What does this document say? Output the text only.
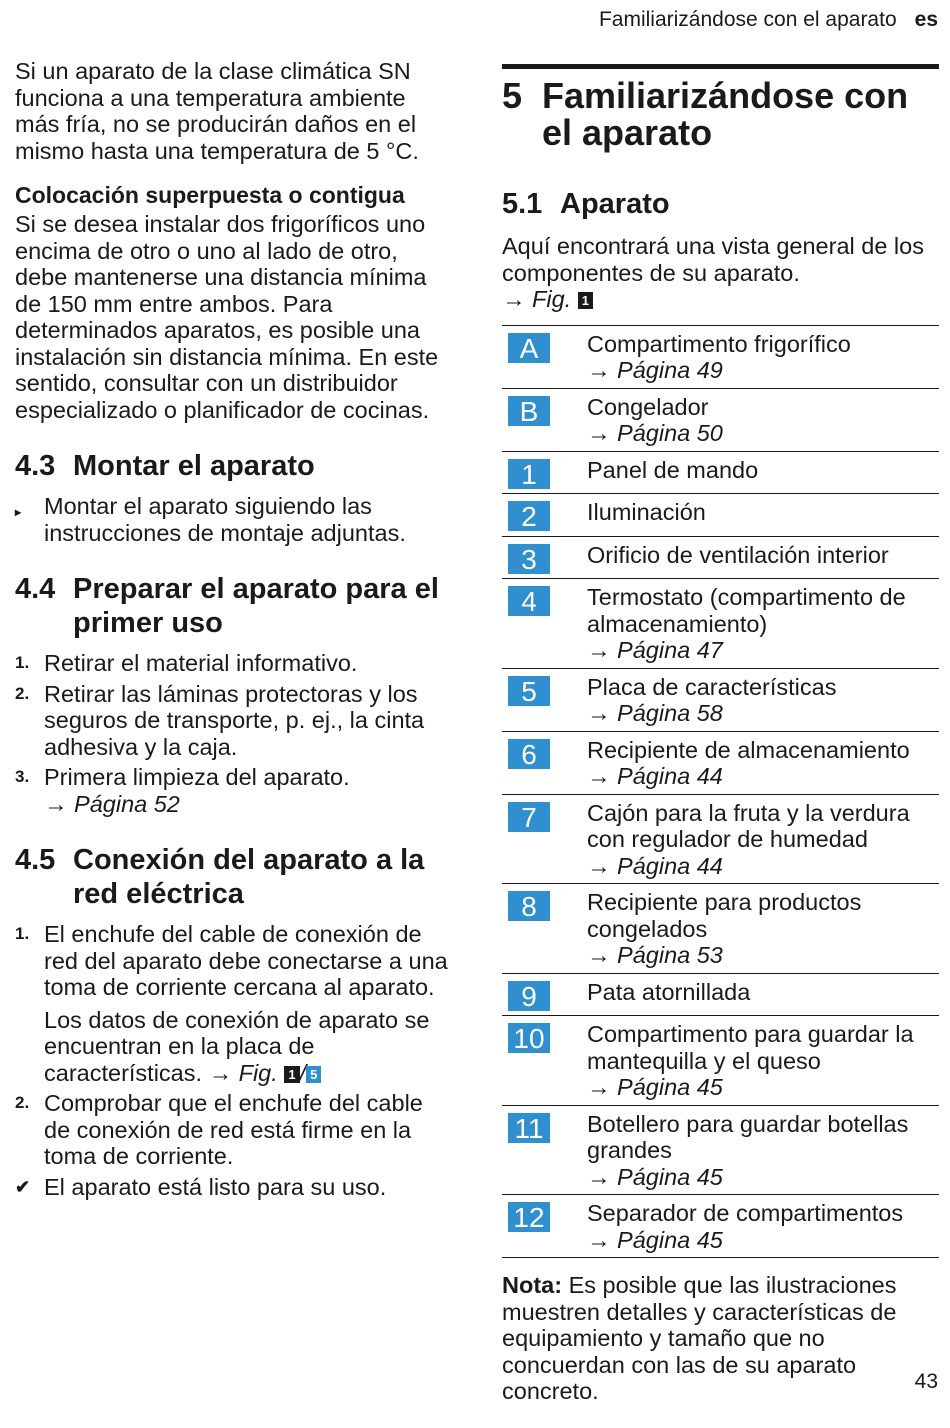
Familiarizándose con el aparato es

Si un aparato de la clase climática SN funciona a una temperatura ambiente más fría, no se producirán daños en el mismo hasta una temperatura de 5 °C.

Colocación superpuesta o contigua

Si se desea instalar dos frigoríficos uno encima de otro o uno al lado de otro, debe mantenerse una distancia mínima de 150 mm entre ambos. Para determinados aparatos, es posible una instalación sin distancia mínima. En este sentido, consultar con un distribuidor especializado o planificador de cocinas.

4.3 Montar el aparato
▸ Montar el aparato siguiendo las instrucciones de montaje adjuntas.
4.4 Preparar el aparato para el primer uso
1. Retirar el material informativo.
2. Retirar las láminas protectoras y los seguros de transporte, p. ej., la cinta adhesiva y la caja.
3. Primera limpieza del aparato.
→ Página 52
4.5 Conexión del aparato a la red eléctrica
1. El enchufe del cable de conexión de red del aparato debe conectarse a una toma de corriente cercana al aparato.

Los datos de conexión de aparato se encuentran en la placa de características. → Fig. 1 / 5

2. Comprobar que el enchufe del cable de conexión de red está firme en la toma de corriente.
✔ El aparato está listo para su uso.
5 Familiarizándose con el aparato
5.1 Aparato

Aquí encontrará una vista general de los componentes de su aparato.
→ Fig. 1

A	Compartimento frigorífico
→ Página 49
B	Congelador
→ Página 50
1	Panel de mando
2	Iluminación
3	Orificio de ventilación interior
4	Termostato (compartimento de almacenamiento)
→ Página 47
5	Placa de características
→ Página 58
6	Recipiente de almacenamiento
→ Página 44
7	Cajón para la fruta y la verdura con regulador de humedad
→ Página 44
8	Recipiente para productos congelados
→ Página 53
9	Pata atornillada
10	Compartimento para guardar la mantequilla y el queso
→ Página 45
11	Botellero para guardar botellas grandes
→ Página 45
12	Separador de compartimentos
→ Página 45

Nota: Es posible que las ilustraciones muestren detalles y características de equipamiento y tamaño que no concuerdan con las de su aparato concreto.	43
